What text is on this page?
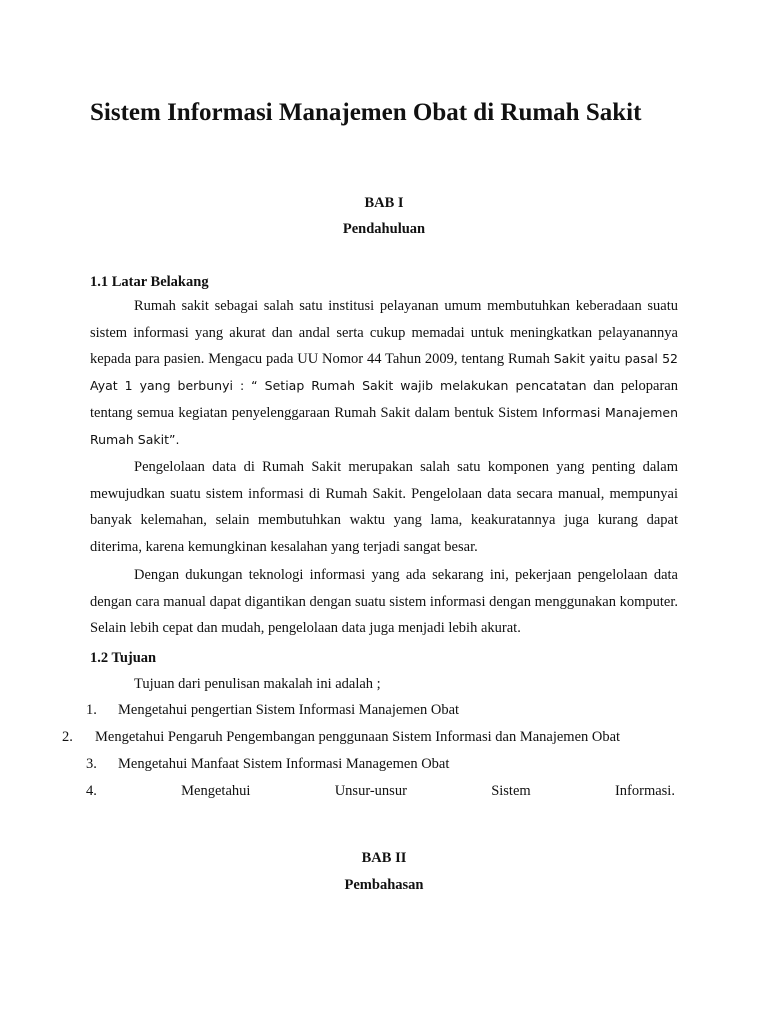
Sistem Informasi Manajemen Obat di Rumah Sakit

BAB I

Pendahuluan

1.1 Latar Belakang

Rumah sakit sebagai salah satu institusi pelayanan umum membutuhkan keberadaan suatu sistem informasi yang akurat dan andal serta cukup memadai untuk meningkatkan pelayanannya kepada para pasien. Mengacu pada UU Nomor 44 Tahun 2009, tentang Rumah Sakit yaitu pasal 52 Ayat 1 yang berbunyi : “ Setiap Rumah Sakit wajib melakukan pencatatan dan peloparan tentang semua kegiatan penyelenggaraan Rumah Sakit dalam bentuk Sistem Informasi Manajemen Rumah Sakit”.

Pengelolaan data di Rumah Sakit merupakan salah satu komponen yang penting dalam mewujudkan suatu sistem informasi di Rumah Sakit. Pengelolaan data secara manual, mempunyai banyak kelemahan, selain membutuhkan waktu yang lama, keakuratannya juga kurang dapat diterima, karena kemungkinan kesalahan yang terjadi sangat besar.

Dengan dukungan teknologi informasi yang ada sekarang ini, pekerjaan pengelolaan data dengan cara manual dapat digantikan dengan suatu sistem informasi dengan menggunakan komputer. Selain lebih cepat dan mudah, pengelolaan data juga menjadi lebih akurat.

1.2 Tujuan

Tujuan dari penulisan makalah ini adalah ;

1. Mengetahui pengertian Sistem Informasi Manajemen Obat

2. Mengetahui Pengaruh Pengembangan penggunaan Sistem Informasi dan Manajemen Obat

3. Mengetahui Manfaat Sistem Informasi Managemen Obat

4.	Mengetahui	Unsur-unsur	Sistem	Informasi.

BAB II

Pembahasan
